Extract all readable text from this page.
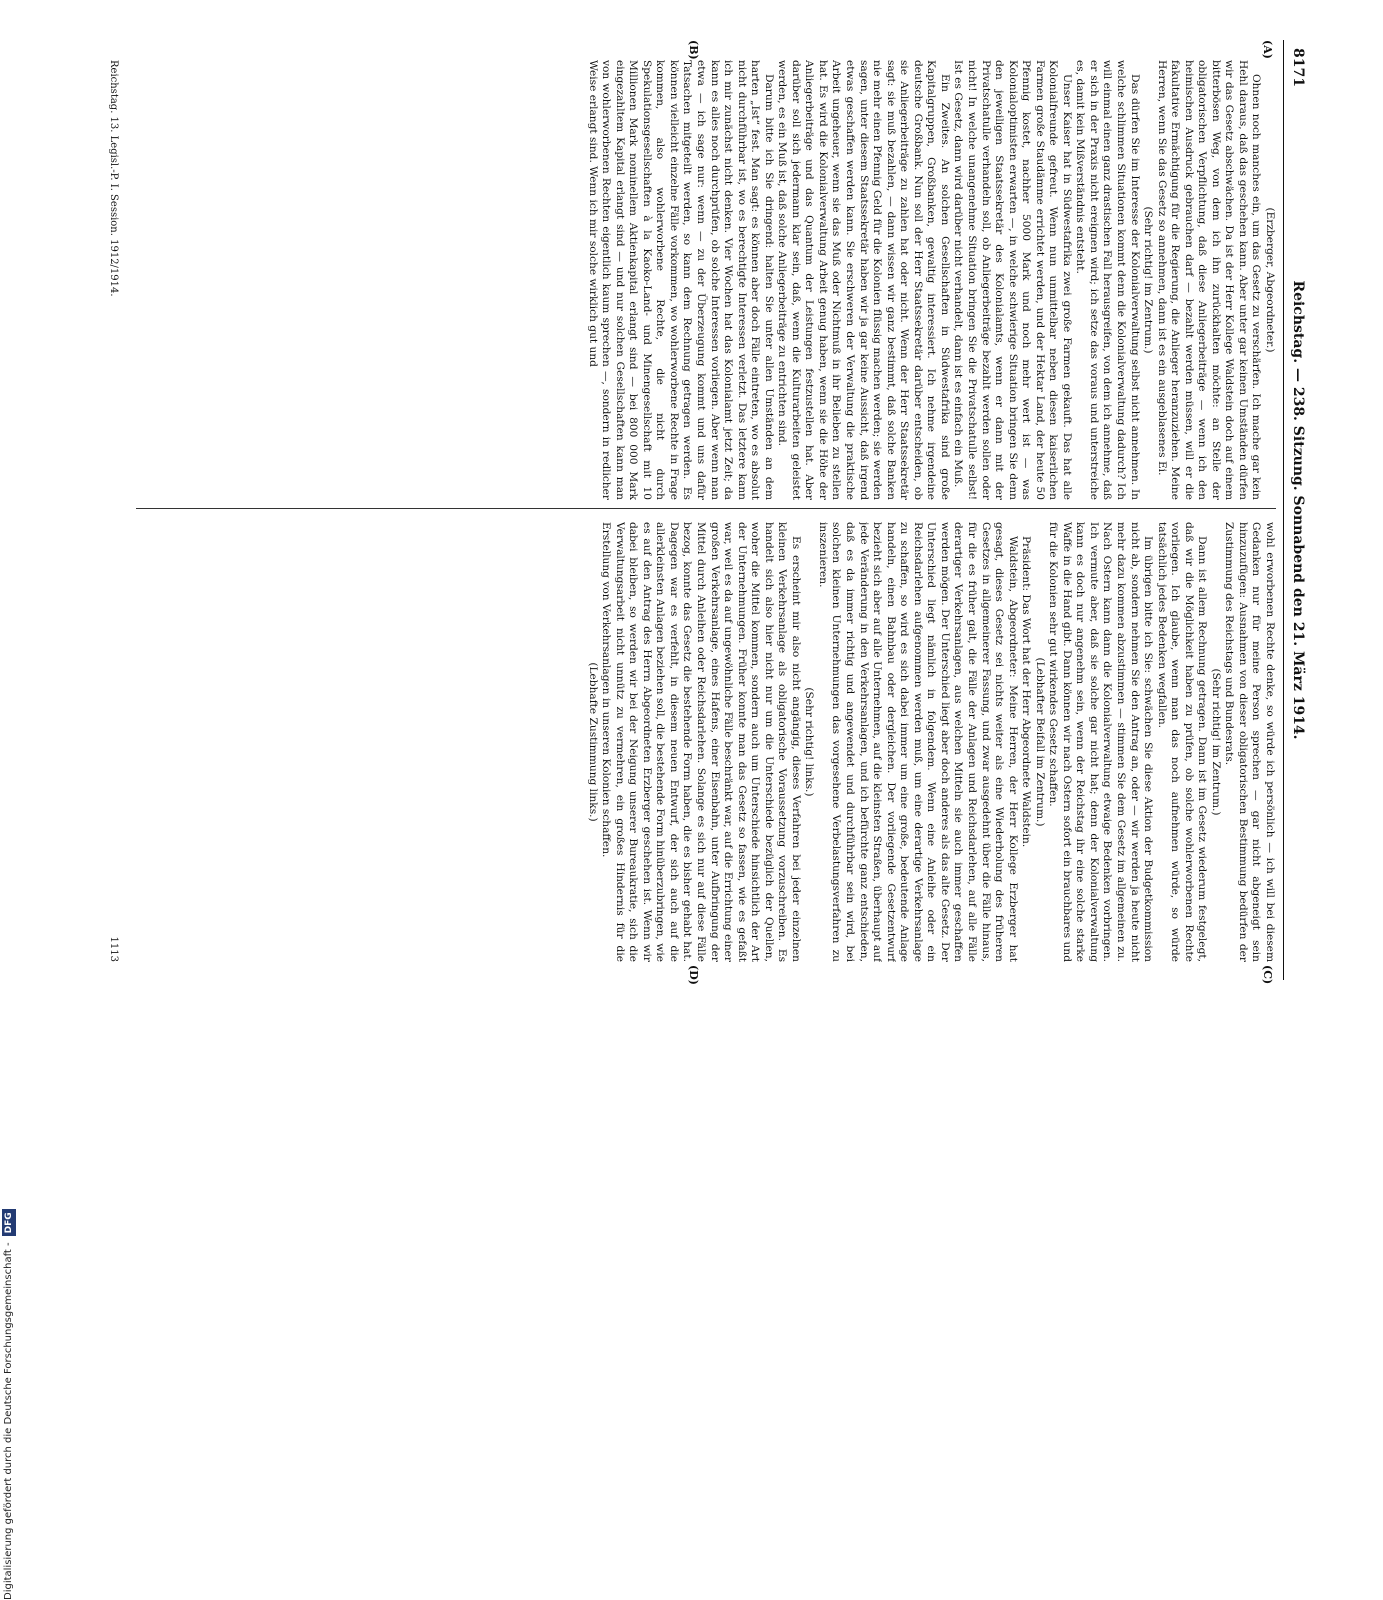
Digitalisierung gefördert durch die Deutsche Forschungsgemeinschaft -DFG
8171
Reichstag. — 238. Sitzung. Sonnabend den 21. März 1914.
(A)
(B)
(C)
(D)

(Erzberger, Abgeordneter.)

Ohnen noch manches ein, um das Gesetz zu verschärfen. Ich mache gar kein Hehl daraus, daß das geschehen kann. Aber unter gar keinen Umständen dürfen wir das Gesetz abschwächen. Da ist der Herr Kollege Waldstein doch auf einem bitterbösen Weg, von dem ich ihn zurückhalten möchte: an Stelle der obligatorischen Verpflichtung, daß diese Anliegerbeiträge — wenn ich den heimischen Ausdruck gebrauchen darf — bezahlt werden müssen, will er die fakultative Ermächtigung für die Regierung, die Anlieger heranzuziehen. Meine Herren, wenn Sie das Gesetz so annehmen, dann ist es ein ausgeblasenes Ei.

(Sehr richtig! im Zentrum.)

Das dürfen Sie im Interesse der Kolonialverwaltung selbst nicht annehmen. In welche schlimmen Situationen kommt denn die Kolonialverwaltung dadurch? Ich will einmal einen ganz drastischen Fall herausgreifen, von dem ich annehme, daß er sich in der Praxis nicht ereignen wird; ich setze das voraus und unterstreiche es, damit kein Mißverständnis entsteht.

Unser Kaiser hat in Südwestafrika zwei große Farmen gekauft. Das hat alle Kolonialfreunde gefreut. Wenn nun unmittelbar neben diesen kaiserlichen Farmen große Staudämme errichtet werden, und der Hektar Land, der heute 50 Pfennig kostet, nachher 5000 Mark und noch mehr wert ist — was Kolonialoptimisten erwarten —, in welche schwierige Situation bringen Sie denn den jeweiligen Staatssekretär des Kolonialamts, wenn er dann mit der Privatschatulle verhandeln soll, ob Anliegerbeiträge bezahlt werden sollen oder nicht! In welche unangenehme Situation bringen Sie die Privatschatulle selbst! Ist es Gesetz, dann wird darüber nicht verhandelt, dann ist es einfach ein Muß.

Ein Zweites. An solchen Gesellschaften in Südwestafrika sind große Kapitalgruppen, Großbanken, gewaltig interessiert. Ich nehme irgendeine deutsche Großbank. Nun soll der Herr Staatssekretär darüber entscheiden, ob sie Anliegerbeiträge zu zahlen hat oder nicht. Wenn der Herr Staatssekretär sagt: sie muß bezahlen, — dann wissen wir ganz bestimmt, daß solche Banken nie mehr einen Pfennig Geld für die Kolonien flüssig machen werden; sie werden sagen, unter diesem Staatssekretär haben wir ja gar keine Aussicht, daß irgend etwas geschaffen werden kann. Sie erschweren der Verwaltung die praktische Arbeit ungeheuer, wenn sie das Muß oder Nichtmuß in ihr Belieben zu stellen hat. Es wird die Kolonialverwaltung Arbeit genug haben, wenn sie die Höhe der Anliegerbeiträge und das Quantum der Leistungen festzustellen hat. Aber darüber soll sich jedermann klar sein, daß, wenn die Kulturarbeiten geleistet werden, es ein Muß ist, daß solche Anliegerbeiträge zu entrichten sind.

Darum bitte ich Sie dringend: halten Sie unter allen Umständen an dem harten „Ist“ fest. Man sagt: es können aber doch Fälle eintreten, wo es absolut nicht durchführbar ist, wo es berechtigte Interessen verletzt. Das letztere kann ich mir zunächst nicht denken. Vier Wochen hat das Kolonialamt jetzt Zeit; da kann es alles noch durchprüfen, ob solche Interessen vorliegen. Aber wenn man etwa — ich sage nur: wenn — zu der Überzeugung kommt und uns dafür Tatsachen mitgeteilt werden, so kann dem Rechnung getragen werden. Es können vielleicht einzelne Fälle vorkommen, wo wohlerworbene Rechte in Frage kommen, also wohlerworbene Rechte, die nicht durch Spekulationsgesellschaften à la Kaoko-Land- und Minengesellschaft mit 10 Millionen Mark nominellem Aktienkapital erlangt sind — bei 800 000 Mark eingezahltem Kapital erlangt sind — und nur solchen Gesellschaften kann man von wohlerworbenen Rechten eigentlich kaum sprechen —, sondern in redlicher Weise erlangt sind. Wenn ich mir solche wirklich gut und

wohl erworbenen Rechte denke, so würde ich persönlich — ich will bei diesem Gedanken nur für meine Person sprechen — gar nicht abgeneigt sein hinzuzufügen: Ausnahmen von dieser obligatorischen Bestimmung bedürfen der Zustimmung des Reichstags und Bundesrats.

(Sehr richtig! im Zentrum.)

Dann ist allem Rechnung getragen. Dann ist im Gesetz wiederum festgelegt, daß wir die Möglichkeit haben zu prüfen, ob solche wohlerworbenen Rechte vorliegen. Ich glaube, wenn man das noch aufnehmen würde, so würde tatsächlich jedes Bedenken wegfallen.

Im übrigen bitte ich Sie: schwächen Sie diese Aktion der Budgetkommission nicht ab, sondern nehmen Sie den Antrag an, oder — wir werden ja heute nicht mehr dazu kommen abzustimmen — stimmen Sie dem Gesetz im allgemeinen zu. Nach Ostern kann dann die Kolonialverwaltung etwaige Bedenken vorbringen. Ich vermute aber, daß sie solche gar nicht hat; denn der Kolonialverwaltung kann es doch nur angenehm sein, wenn der Reichstag ihr eine solche starke Waffe in die Hand gibt. Dann können wir nach Ostern sofort ein brauchbares und für die Kolonien sehr gut wirkendes Gesetz schaffen.

(Lebhafter Beifall im Zentrum.)

Präsident: Das Wort hat der Herr Abgeordnete Waldstein.

Waldstein, Abgeordneter: Meine Herren, der Herr Kollege Erzberger hat gesagt, dieses Gesetz sei nichts weiter als eine Wiederholung des früheren Gesetzes in allgemeinerer Fassung, und zwar ausgedehnt über die Fälle hinaus, für die es früher galt, die Fälle der Anlagen und Reichsdarlehen, auf alle Fälle derartiger Verkehrsanlagen, aus welchen Mitteln sie auch immer geschaffen werden mögen. Der Unterschied liegt aber doch anderes als das alte Gesetz. Der Unterschied liegt nämlich in folgendem. Wenn eine Anleihe oder ein Reichsdarlehen aufgenommen werden muß, um eine derartige Verkehrsanlage zu schaffen, so wird es sich dabei immer um eine große, bedeutende Anlage handeln, einen Bahnbau oder dergleichen. Der vorliegende Gesetzentwurf bezieht sich aber auf alle Unternehmen, auf die kleinsten Straßen, überhaupt auf jede Veränderung in den Verkehrsanlagen, und ich befürchte ganz entschieden, daß es da immer richtig und angewendet und durchführbar sein wird, bei solchen kleinen Unternehmungen das vorgesehene Verbelastungsverfahren zu inszenieren.

(Sehr richtig! links.)

Es erscheint mir also nicht angängig, dieses Verfahren bei jeder einzelnen kleinen Verkehrsanlage als obligatorische Voraussetzung vorzuschreiben. Es handelt sich also hier nicht nur um die Unterschiede bezüglich der Quellen, woher die Mittel kommen, sondern auch um Unterschiede hinsichtlich der Art der Unternehmungen. Früher konnte man das Gesetz so fassen, wie es gefaßt war, weil es da auf ungewöhnliche Fälle beschränkt war, auf die Errichtung einer großen Verkehrsanlage, eines Hafens, einer Eisenbahn, unter Aufbringung der Mittel durch Anleihen oder Reichsdarlehen. Solange es sich nur auf diese Fälle bezog, konnte das Gesetz die bestehende Form haben, die es bisher gehabt hat. Dagegen war es verfehlt, in diesem neuen Entwurf, der sich auch auf die allerkleinsten Anlagen beziehen soll, die bestehende Form hinüberzubringen, wie es auf den Antrag des Herrn Abgeordneten Erzberger geschehen ist. Wenn wir dabei bleiben, so werden wir bei der Neigung unserer Bureaukratie, sich die Verwaltungsarbeit nicht unnütz zu vermehren, ein großes Hindernis für die Erstellung von Verkehrsanlagen in unseren Kolonien schaffen.

(Lebhafte Zustimmung links.)

Reichstag. 13. Legisl.-P. I. Session. 1912/1914.
1113
